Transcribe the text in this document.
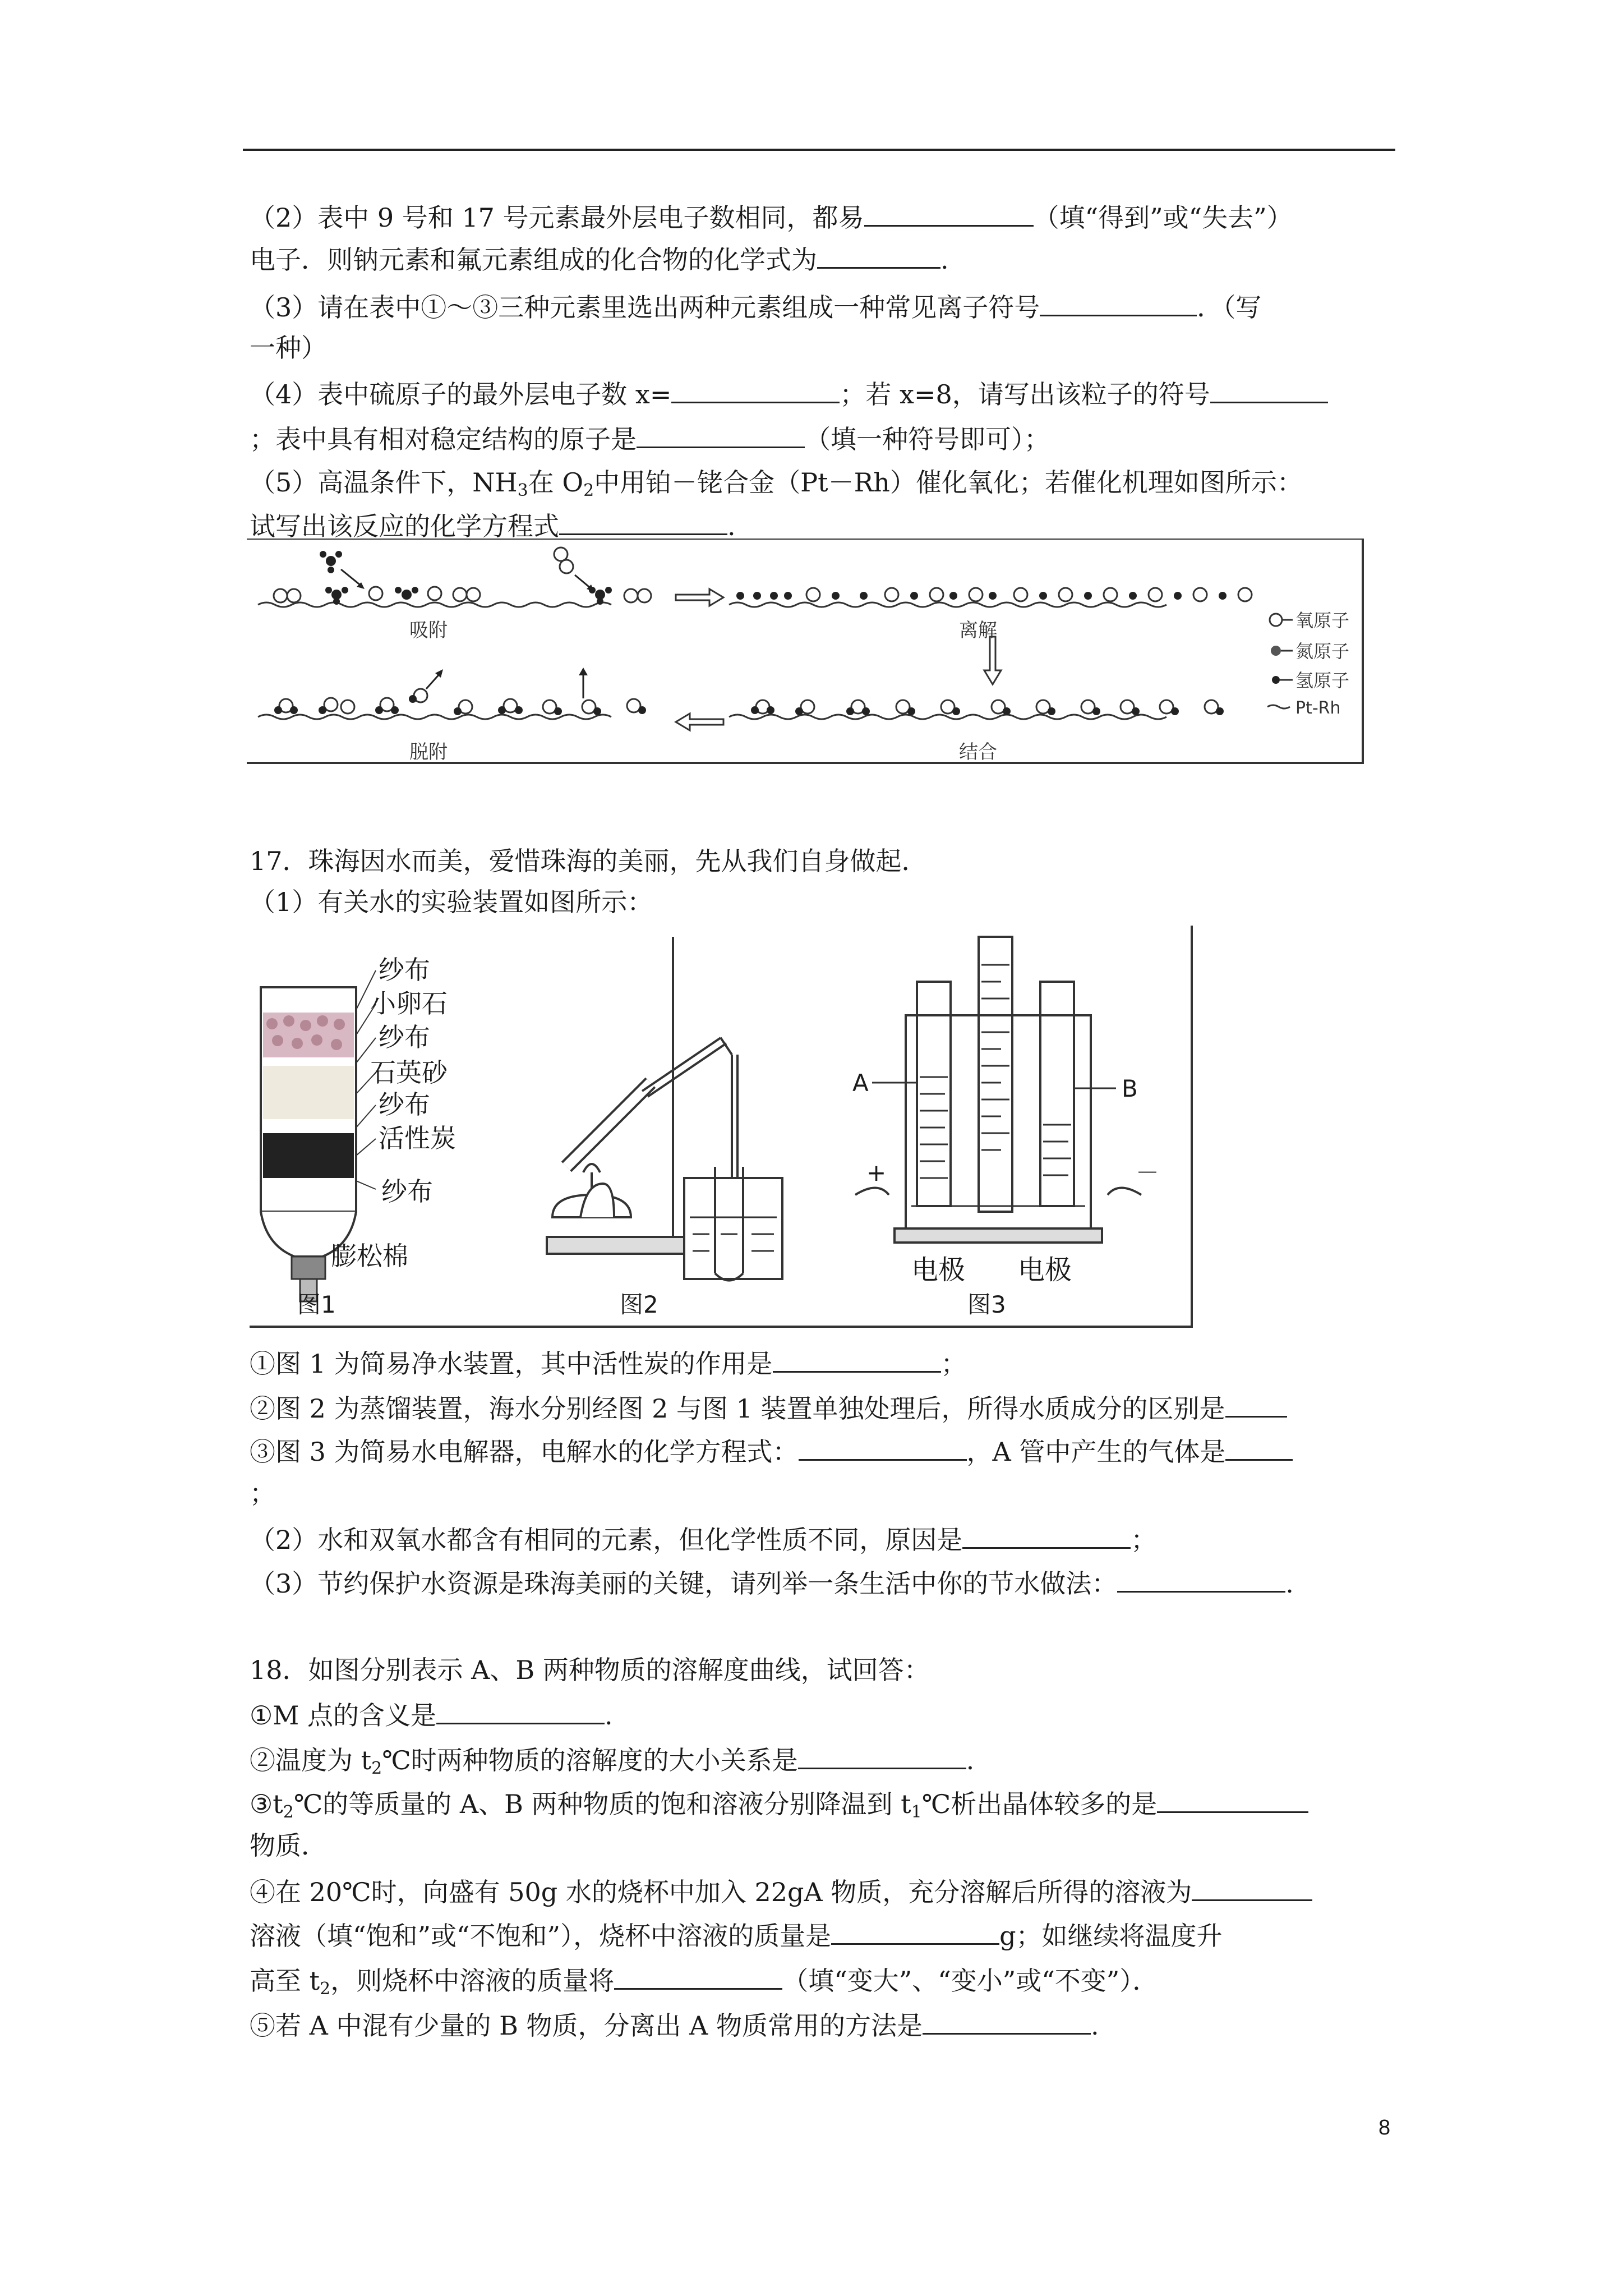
（2）表中 9 号和 17 号元素最外层电子数相同，都易	（填“得到”或“失去”）
电子．则钠元素和氟元素组成的化合物的化学式为	.
（3）请在表中①～③三种元素里选出两种元素组成一种常见离子符号	．（写
一种）
（4）表中硫原子的最外层电子数 x=	；若 x=8，请写出该粒子的符号
；表中具有相对稳定结构的原子是	（填一种符号即可）；
（5）高温条件下，$NH_3$在 $O_2$中用铂－铑合金（Pt－Rh）催化氧化；若催化机理如图所示：
试写出该反应的化学方程式	.
吸附	离解
脱附	结合
氧原子
氮原子
氢原子
Pt-Rh
17．珠海因水而美，爱惜珠海的美丽，先从我们自身做起．
（1）有关水的实验装置如图所示：
纱布
小卵石
纱布
石英砂
纱布
活性炭
纱布
膨松棉
图1	图2
A	B
+	－
电极 电极
图3
①图 1 为简易净水装置，其中活性炭的作用是	；
②图 2 为蒸馏装置，海水分别经图 2 与图 1 装置单独处理后，所得水质成分的区别是
③图 3 为简易水电解器，电解水的化学方程式：	，A 管中产生的气体是
；
（2）水和双氧水都含有相同的元素，但化学性质不同，原因是	；
（3）节约保护水资源是珠海美丽的关键，请列举一条生活中你的节水做法：	.
18．如图分别表示 A、B 两种物质的溶解度曲线，试回答：
①M 点的含义是	.
②温度为 $t_2℃$时两种物质的溶解度的大小关系是	.
$③t_2℃$的等质量的 A、B 两种物质的饱和溶液分别降温到 $t_1℃$析出晶体较多的是
物质．
④在 20℃时，向盛有 50g 水的烧杯中加入 22gA 物质，充分溶解后所得的溶液为
溶液（填“饱和”或“不饱和”），烧杯中溶液的质量是	g；如继续将温度升
高至 $t_2$，则烧杯中溶液的质量将	（填“变大”、“变小”或“不变”）．
⑤若 A 中混有少量的 B 物质，分离出 A 物质常用的方法是	.
8
